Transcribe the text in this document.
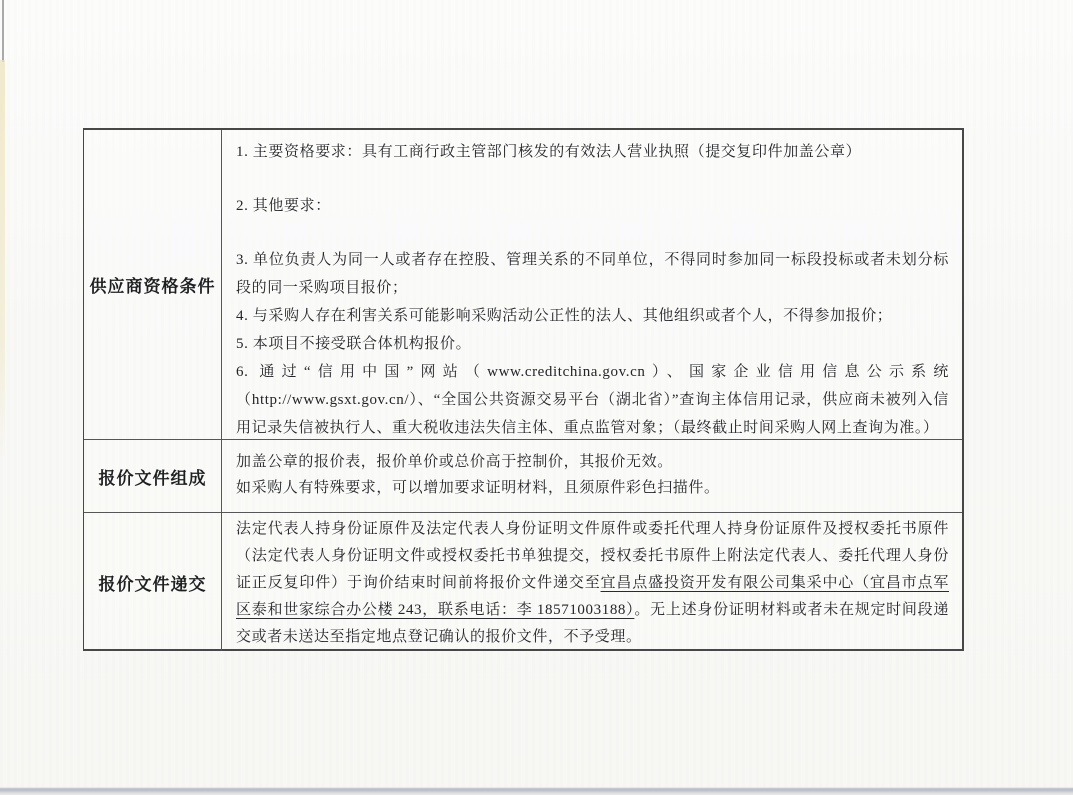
供应商资格条件

1. 主要资格要求：具有工商行政主管部门核发的有效法人营业执照（提交复印件加盖公章）

2. 其他要求：

3. 单位负责人为同一人或者存在控股、管理关系的不同单位，不得同时参加同一标段投标或者未划分标段的同一采购项目报价；

4. 与采购人存在利害关系可能影响采购活动公正性的法人、其他组织或者个人，不得参加报价；

5. 本项目不接受联合体机构报价。

6. 通过“信用中国”网站（www.creditchina.gov.cn）、国家企业信用信息公示系统（http://www.gsxt.gov.cn/）、“全国公共资源交易平台（湖北省）”查询主体信用记录，供应商未被列入信用记录失信被执行人、重大税收违法失信主体、重点监管对象；（最终截止时间采购人网上查询为准。）

报价文件组成

加盖公章的报价表，报价单价或总价高于控制价，其报价无效。

如采购人有特殊要求，可以增加要求证明材料，且须原件彩色扫描件。

报价文件递交

法定代表人持身份证原件及法定代表人身份证明文件原件或委托代理人持身份证原件及授权委托书原件（法定代表人身份证明文件或授权委托书单独提交，授权委托书原件上附法定代表人、委托代理人身份证正反复印件）于询价结束时间前将报价文件递交至宜昌点盛投资开发有限公司集采中心（宜昌市点军区泰和世家综合办公楼 243，联系电话：李 18571003188）。无上述身份证明材料或者未在规定时间段递交或者未送达至指定地点登记确认的报价文件，不予受理。
